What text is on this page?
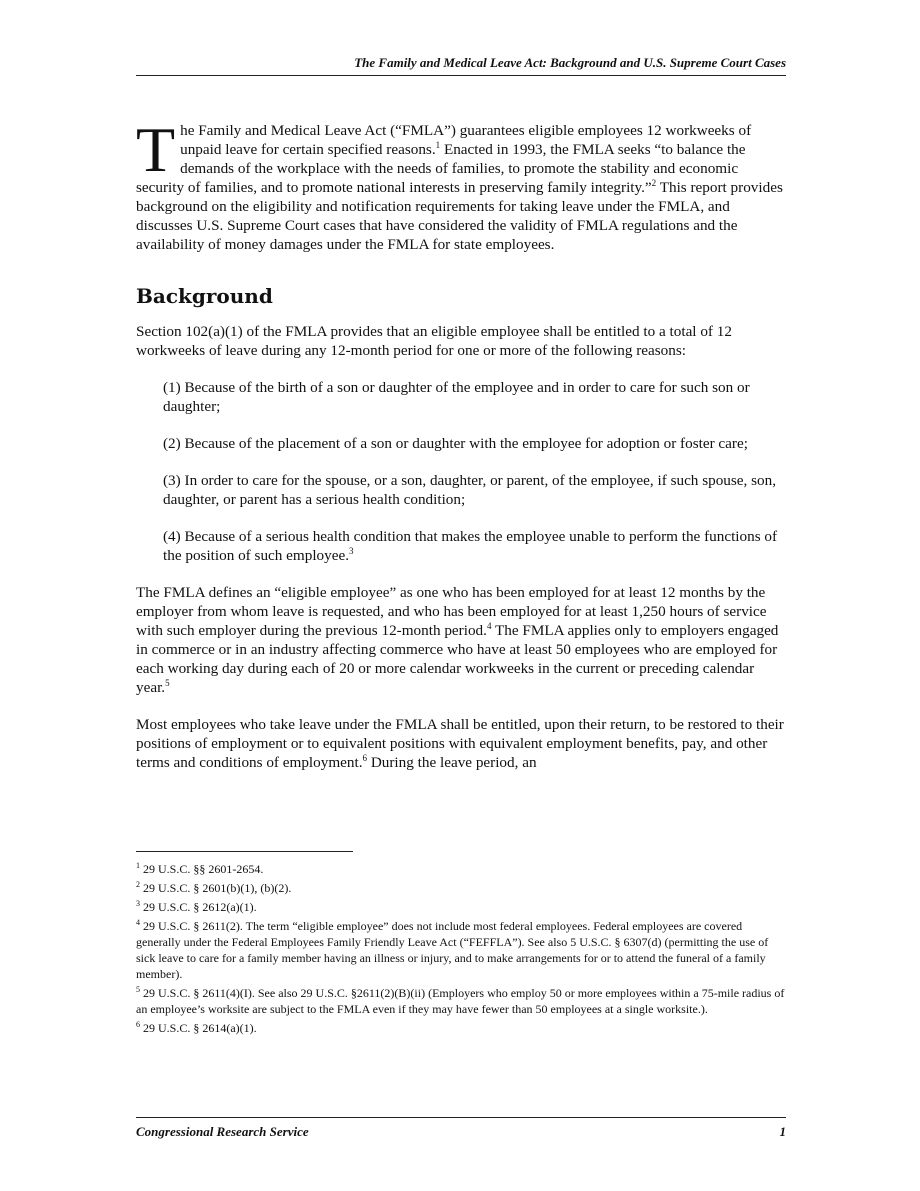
The Family and Medical Leave Act: Background and U.S. Supreme Court Cases

The Family and Medical Leave Act (“FMLA”) guarantees eligible employees 12 workweeks of unpaid leave for certain specified reasons.$^1$ Enacted in 1993, the FMLA seeks “to balance the demands of the workplace with the needs of families, to promote the stability and economic security of families, and to promote national interests in preserving family integrity.”$^2$ This report provides background on the eligibility and notification requirements for taking leave under the FMLA, and discusses U.S. Supreme Court cases that have considered the validity of FMLA regulations and the availability of money damages under the FMLA for state employees.

Background

Section 102(a)(1) of the FMLA provides that an eligible employee shall be entitled to a total of 12 workweeks of leave during any 12-month period for one or more of the following reasons:

(1) Because of the birth of a son or daughter of the employee and in order to care for such son or daughter;

(2) Because of the placement of a son or daughter with the employee for adoption or foster care;

(3) In order to care for the spouse, or a son, daughter, or parent, of the employee, if such spouse, son, daughter, or parent has a serious health condition;

(4) Because of a serious health condition that makes the employee unable to perform the functions of the position of such employee.$^3$

The FMLA defines an “eligible employee” as one who has been employed for at least 12 months by the employer from whom leave is requested, and who has been employed for at least 1,250 hours of service with such employer during the previous 12-month period.$^4$ The FMLA applies only to employers engaged in commerce or in an industry affecting commerce who have at least 50 employees who are employed for each working day during each of 20 or more calendar workweeks in the current or preceding calendar year.$^5$

Most employees who take leave under the FMLA shall be entitled, upon their return, to be restored to their positions of employment or to equivalent positions with equivalent employment benefits, pay, and other terms and conditions of employment.$^6$ During the leave period, an

$^1$ 29 U.S.C. §§ 2601-2654.

$^2$ 29 U.S.C. § 2601(b)(1), (b)(2).

$^3$ 29 U.S.C. § 2612(a)(1).

$^4$ 29 U.S.C. § 2611(2). The term “eligible employee” does not include most federal employees. Federal employees are covered generally under the Federal Employees Family Friendly Leave Act (“FEFFLA”). See also 5 U.S.C. § 6307(d) (permitting the use of sick leave to care for a family member having an illness or injury, and to make arrangements for or to attend the funeral of a family member).

$^5$ 29 U.S.C. § 2611(4)(I). See also 29 U.S.C. §2611(2)(B)(ii) (Employers who employ 50 or more employees within a 75-mile radius of an employee’s worksite are subject to the FMLA even if they may have fewer than 50 employees at a single worksite.).

$^6$ 29 U.S.C. § 2614(a)(1).

Congressional Research Service	1
